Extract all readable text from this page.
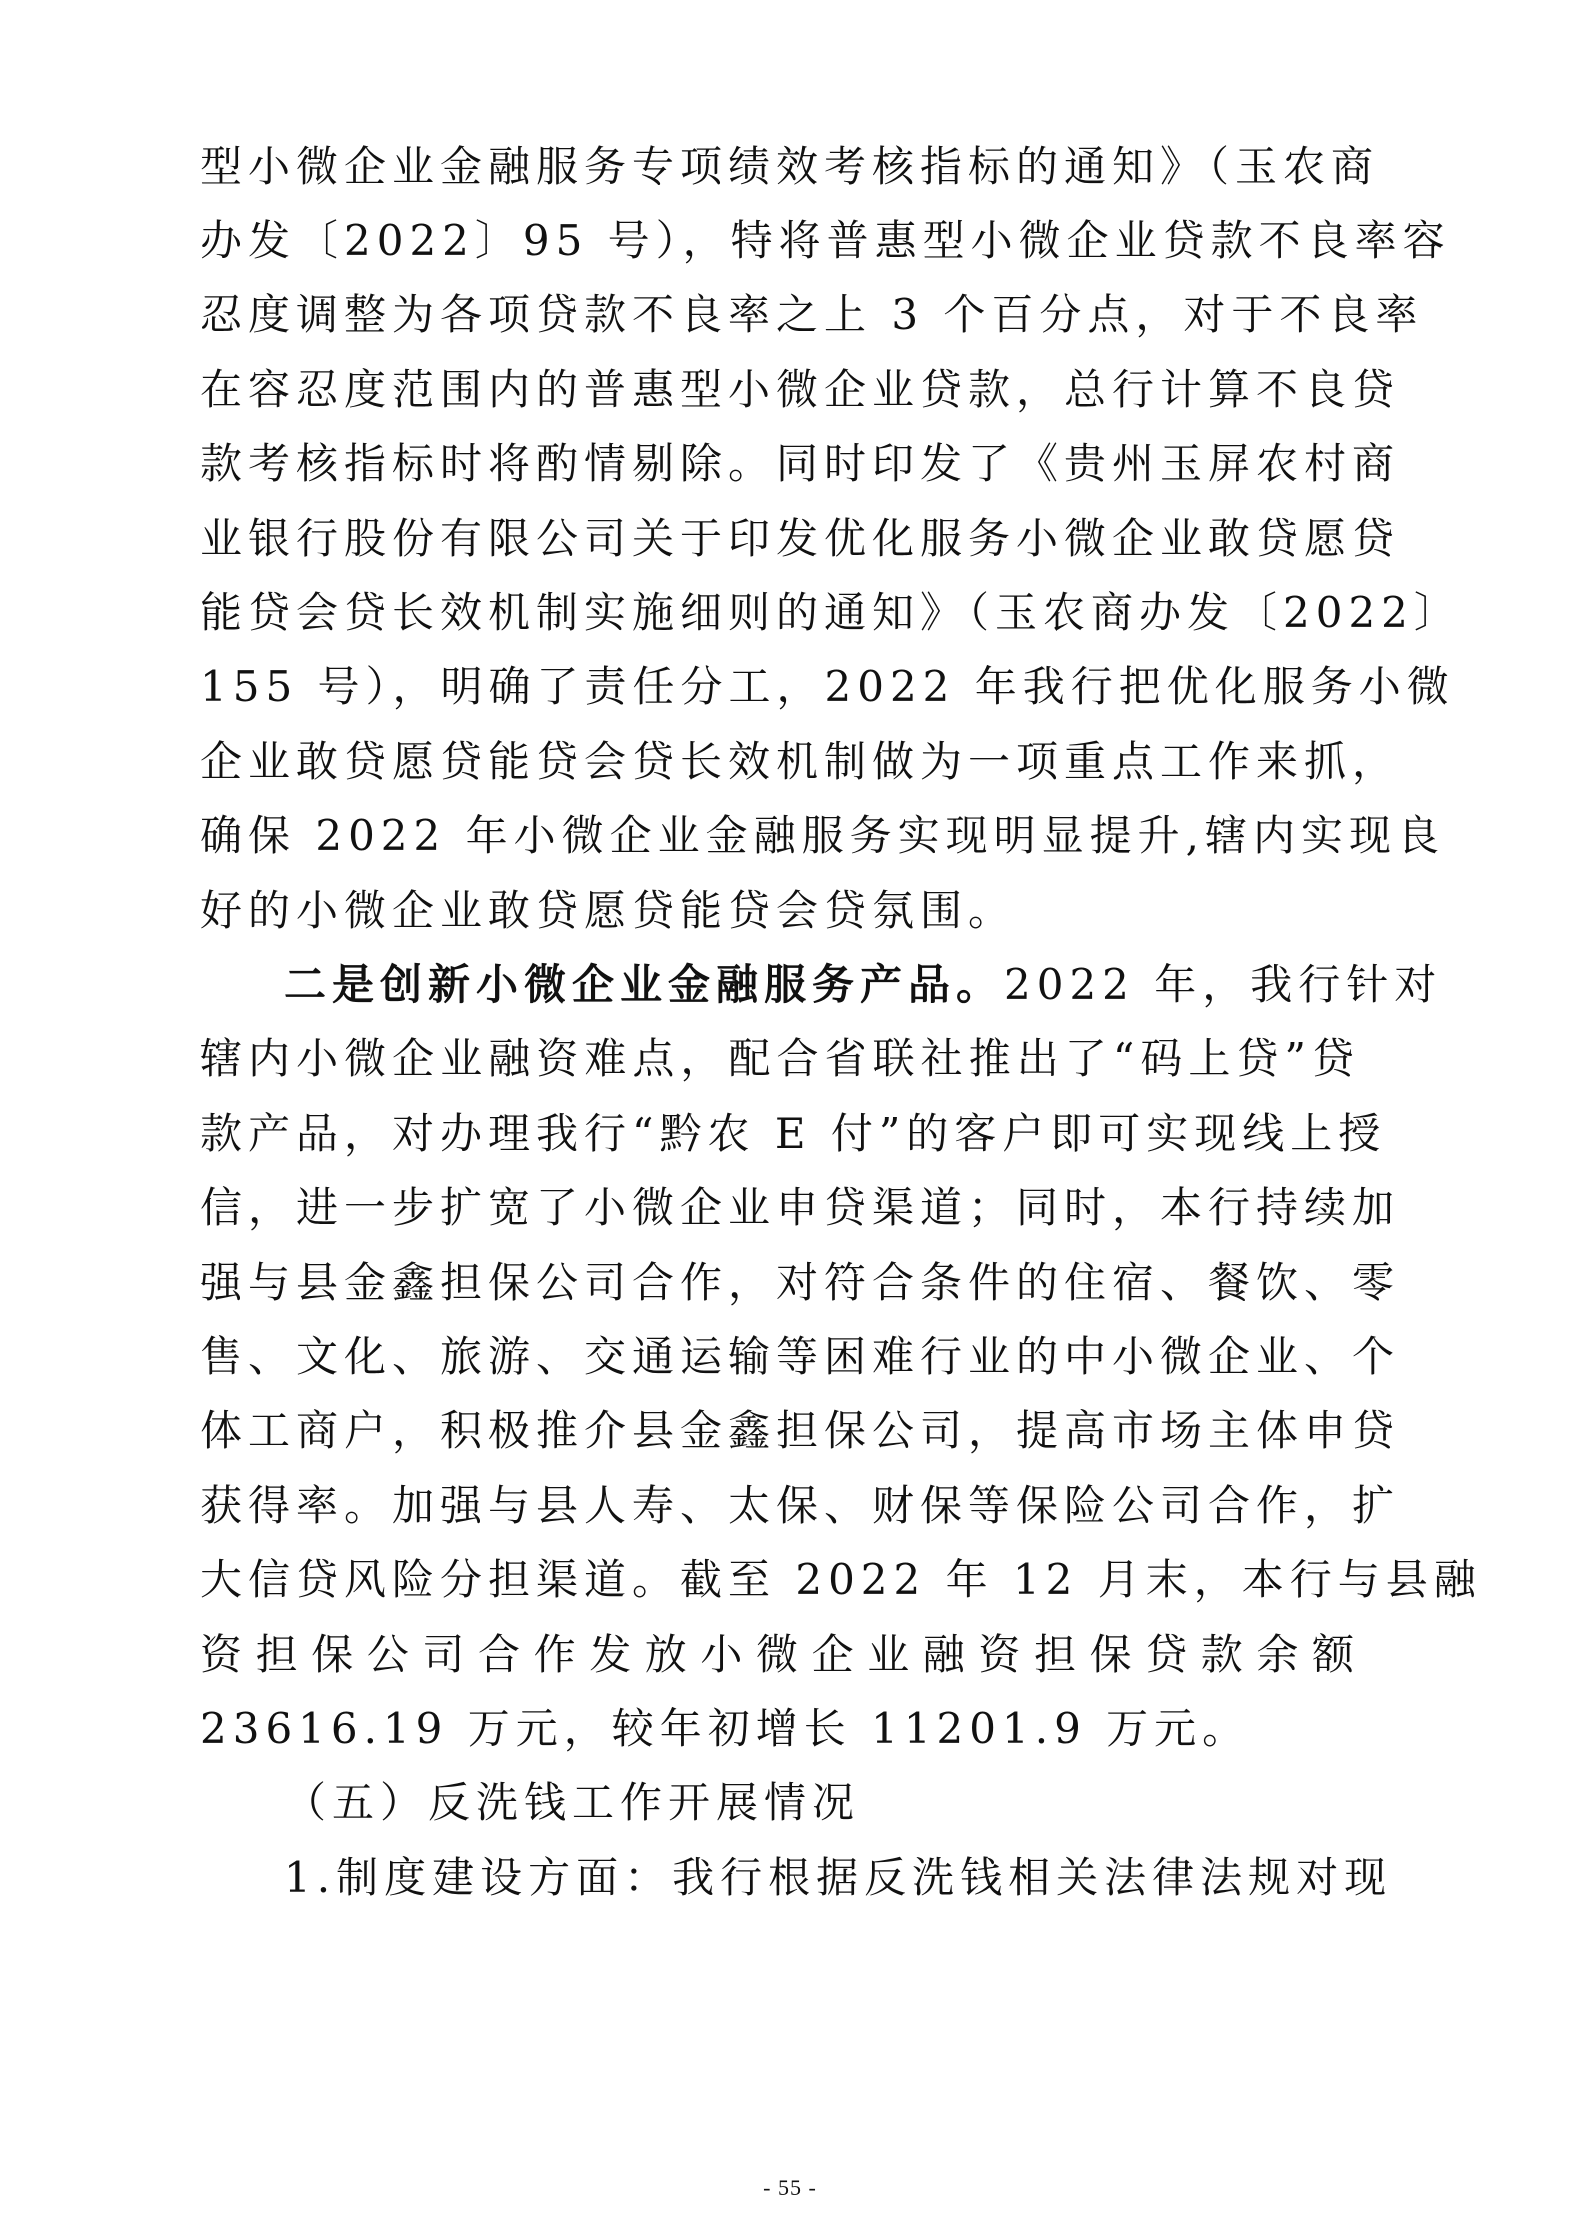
型小微企业金融服务专项绩效考核指标的通知》（玉农商
办发〔2022〕95 号），特将普惠型小微企业贷款不良率容
忍度调整为各项贷款不良率之上 3 个百分点，对于不良率
在容忍度范围内的普惠型小微企业贷款，总行计算不良贷
款考核指标时将酌情剔除。同时印发了《贵州玉屏农村商
业银行股份有限公司关于印发优化服务小微企业敢贷愿贷
能贷会贷长效机制实施细则的通知》（玉农商办发〔2022〕
155 号），明确了责任分工，2022 年我行把优化服务小微
企业敢贷愿贷能贷会贷长效机制做为一项重点工作来抓，
确保 2022 年小微企业金融服务实现明显提升,辖内实现良
好的小微企业敢贷愿贷能贷会贷氛围。
二是创新小微企业金融服务产品。2022 年，我行针对
辖内小微企业融资难点，配合省联社推出了“码上贷”贷
款产品，对办理我行“黔农 E 付”的客户即可实现线上授
信，进一步扩宽了小微企业申贷渠道；同时，本行持续加
强与县金鑫担保公司合作，对符合条件的住宿、餐饮、零
售、文化、旅游、交通运输等困难行业的中小微企业、个
体工商户，积极推介县金鑫担保公司，提高市场主体申贷
获得率。加强与县人寿、太保、财保等保险公司合作，扩
大信贷风险分担渠道。截至 2022 年 12 月末，本行与县融
资担保公司合作发放小微企业融资担保贷款余额
23616.19 万元，较年初增长 11201.9 万元。
（五）反洗钱工作开展情况
1.制度建设方面：我行根据反洗钱相关法律法规对现
- 55 -
